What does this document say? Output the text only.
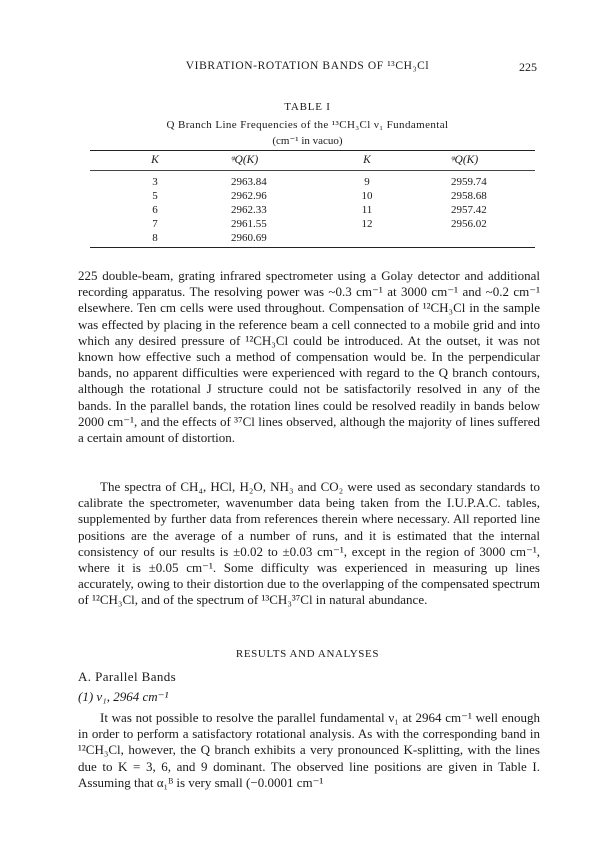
VIBRATION-ROTATION BANDS OF ¹³CH₃Cl	225
TABLE I
Q Branch Line Frequencies of the ¹³CH₃Cl ν₁ Fundamental
(cm⁻¹ in vacuo)
K	ᵠQ(K)	K	ᵠQ(K)
3	2963.84	9	2959.74
5	2962.96	10	2958.68
6	2962.33	11	2957.42
7	2961.55	12	2956.02
8	2960.69
225 double-beam, grating infrared spectrometer using a Golay detector and additional recording apparatus. The resolving power was ~0.3 cm⁻¹ at 3000 cm⁻¹ and ~0.2 cm⁻¹ elsewhere. Ten cm cells were used throughout. Compensation of ¹²CH₃Cl in the sample was effected by placing in the reference beam a cell connected to a mobile grid and into which any desired pressure of ¹²CH₃Cl could be introduced. At the outset, it was not known how effective such a method of compensation would be. In the perpendicular bands, no apparent difficulties were experienced with regard to the Q branch contours, although the rotational J structure could not be satisfactorily resolved in any of the bands. In the parallel bands, the rotation lines could be resolved readily in bands below 2000 cm⁻¹, and the effects of ³⁷Cl lines observed, although the majority of lines suffered a certain amount of distortion.
The spectra of CH₄, HCl, H₂O, NH₃ and CO₂ were used as secondary standards to calibrate the spectrometer, wavenumber data being taken from the I.U.P.A.C. tables, supplemented by further data from references therein where necessary. All reported line positions are the average of a number of runs, and it is estimated that the internal consistency of our results is ±0.02 to ±0.03 cm⁻¹, except in the region of 3000 cm⁻¹, where it is ±0.05 cm⁻¹. Some difficulty was experienced in measuring up lines accurately, owing to their distortion due to the overlapping of the compensated spectrum of ¹²CH₃Cl, and of the spectrum of ¹³CH₃³⁷Cl in natural abundance.
RESULTS AND ANALYSES
A. Parallel Bands
(1) ν₁, 2964 cm⁻¹
It was not possible to resolve the parallel fundamental ν₁ at 2964 cm⁻¹ well enough in order to perform a satisfactory rotational analysis. As with the corresponding band in ¹²CH₃Cl, however, the Q branch exhibits a very pronounced K-splitting, with the lines due to K = 3, 6, and 9 dominant. The observed line positions are given in Table I. Assuming that α₁ᴮ is very small (−0.0001 cm⁻¹
